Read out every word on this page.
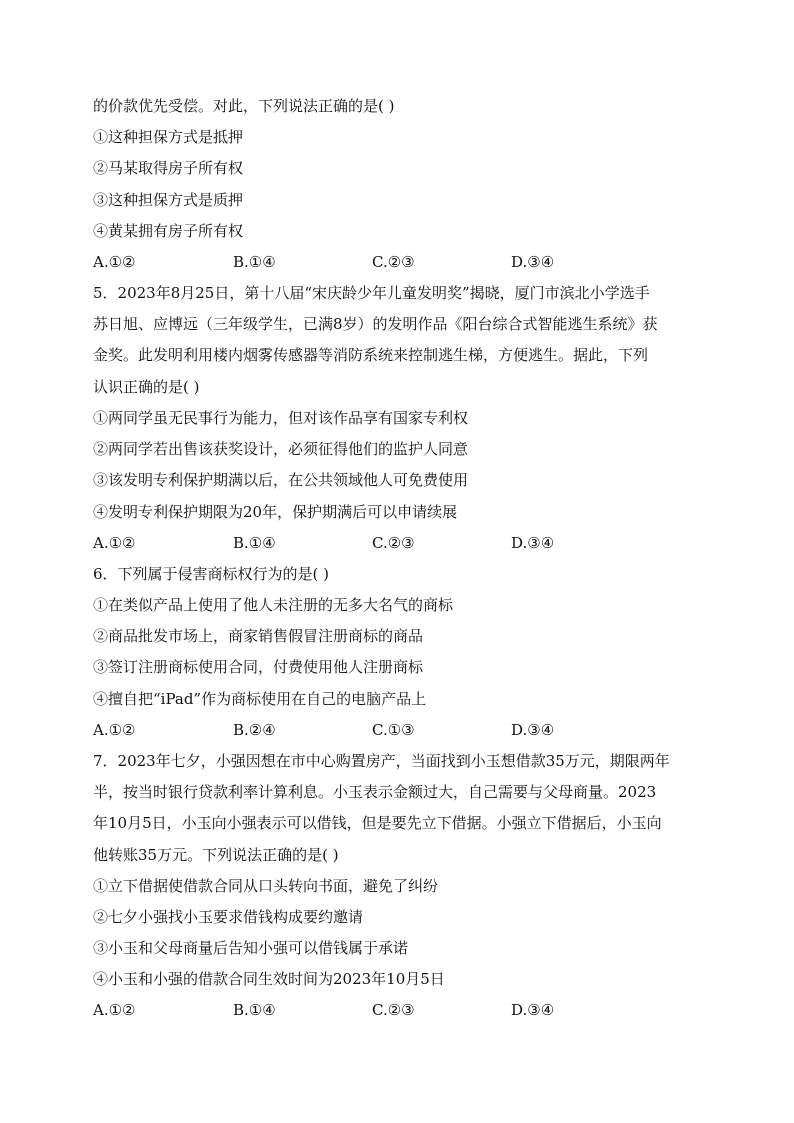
的价款优先受偿。对此，下列说法正确的是( )
①这种担保方式是抵押
②马某取得房子所有权
③这种担保方式是质押
④黄某拥有房子所有权
A.①②	B.①④	C.②③	D.③④
5．2023年8月25日，第十八届“宋庆龄少年儿童发明奖”揭晓，厦门市滨北小学选手
苏日旭、应博远（三年级学生，已满8岁）的发明作品《阳台综合式智能逃生系统》获
金奖。此发明利用楼内烟雾传感器等消防系统来控制逃生梯，方便逃生。据此，下列
认识正确的是( )
①两同学虽无民事行为能力，但对该作品享有国家专利权
②两同学若出售该获奖设计，必须征得他们的监护人同意
③该发明专利保护期满以后，在公共领域他人可免费使用
④发明专利保护期限为20年，保护期满后可以申请续展
A.①②	B.①④	C.②③	D.③④
6．下列属于侵害商标权行为的是( )
①在类似产品上使用了他人未注册的无多大名气的商标
②商品批发市场上，商家销售假冒注册商标的商品
③签订注册商标使用合同，付费使用他人注册商标
④擅自把“iPad”作为商标使用在自己的电脑产品上
A.①②	B.②④	C.①③	D.③④
7．2023年七夕，小强因想在市中心购置房产，当面找到小玉想借款35万元，期限两年
半，按当时银行贷款利率计算利息。小玉表示金额过大，自己需要与父母商量。2023
年10月5日，小玉向小强表示可以借钱，但是要先立下借据。小强立下借据后，小玉向
他转账35万元。下列说法正确的是( )
①立下借据使借款合同从口头转向书面，避免了纠纷
②七夕小强找小玉要求借钱构成要约邀请
③小玉和父母商量后告知小强可以借钱属于承诺
④小玉和小强的借款合同生效时间为2023年10月5日
A.①②	B.①④	C.②③	D.③④
